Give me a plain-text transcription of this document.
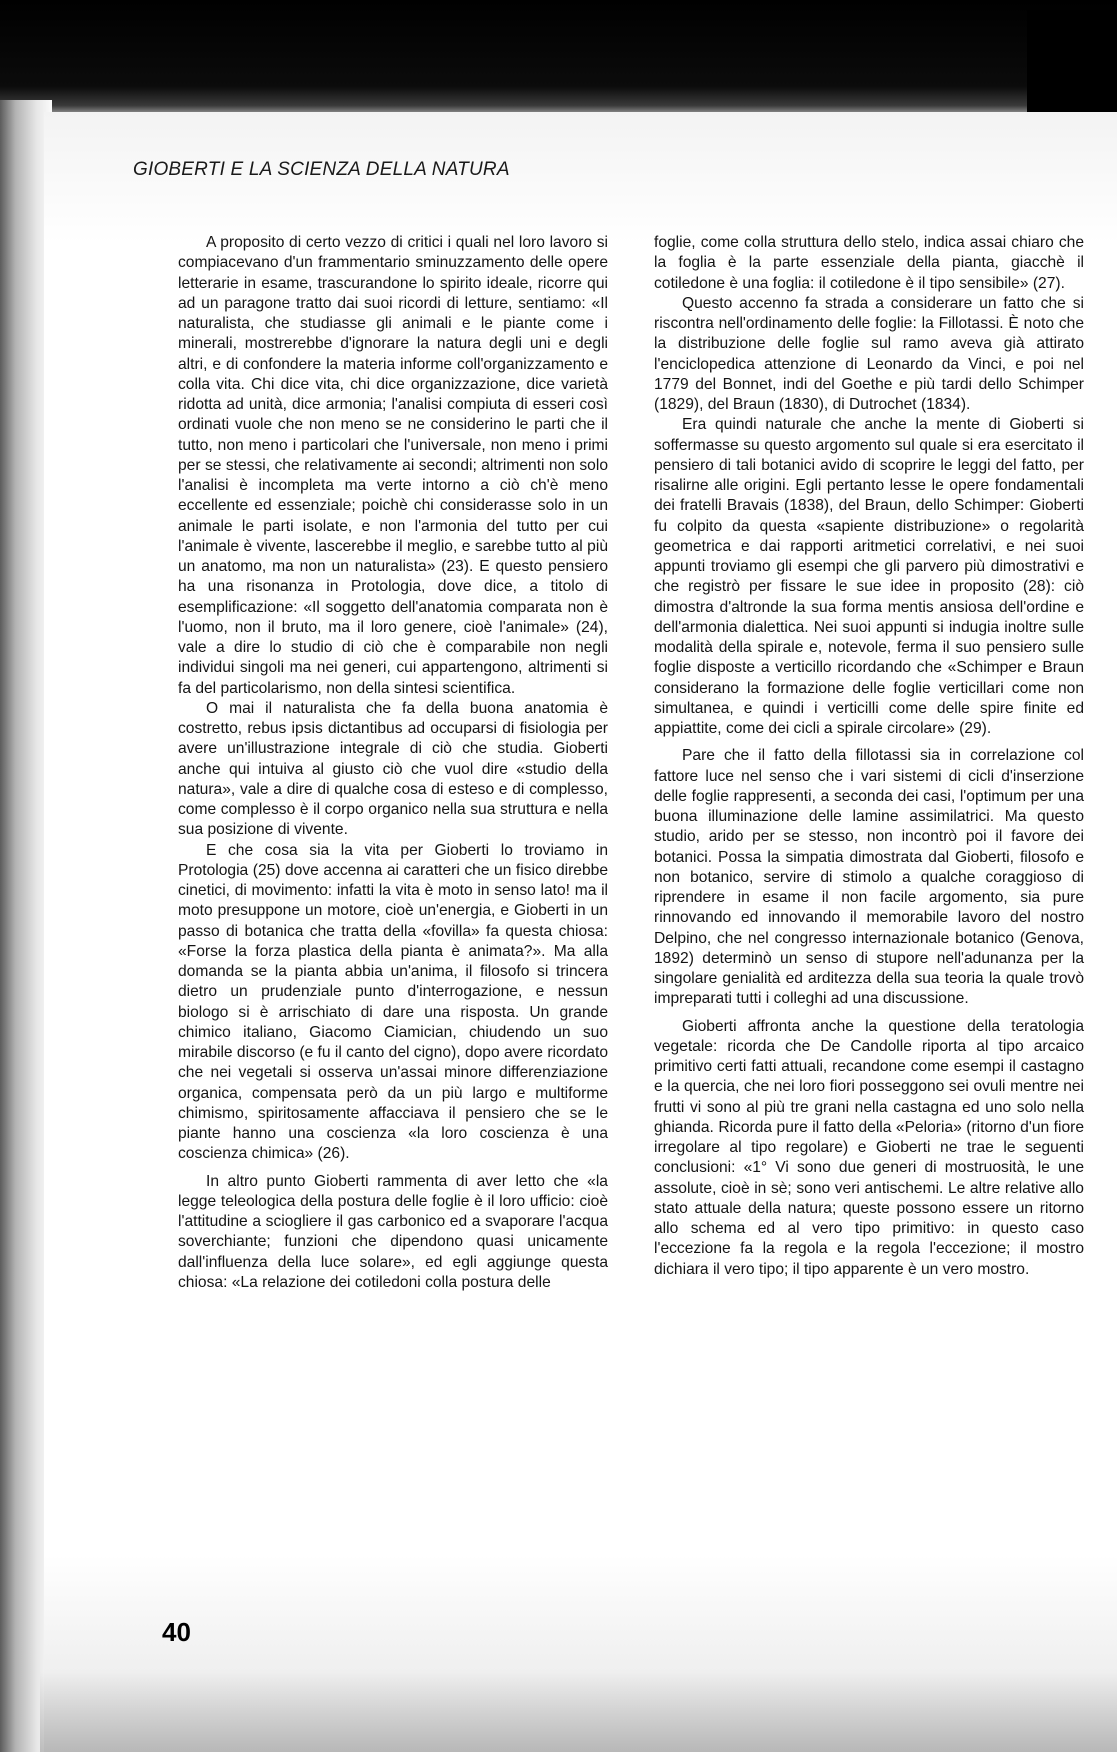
GIOBERTI E LA SCIENZA DELLA NATURA

A proposito di certo vezzo di critici i quali nel loro lavoro si compiacevano d'un frammentario sminuzzamento delle opere letterarie in esame, trascurandone lo spirito ideale, ricorre qui ad un paragone tratto dai suoi ricordi di letture, sentiamo: «Il naturalista, che studiasse gli animali e le piante come i minerali, mostrerebbe d'ignorare la natura degli uni e degli altri, e di confondere la materia informe coll'organizzamento e colla vita. Chi dice vita, chi dice organizzazione, dice varietà ridotta ad unità, dice armonia; l'analisi compiuta di esseri così ordinati vuole che non meno se ne considerino le parti che il tutto, non meno i particolari che l'universale, non meno i primi per se stessi, che relativamente ai secondi; altrimenti non solo l'analisi è incompleta ma verte intorno a ciò ch'è meno eccellente ed essenziale; poichè chi considerasse solo in un animale le parti isolate, e non l'armonia del tutto per cui l'animale è vivente, lascerebbe il meglio, e sarebbe tutto al più un anatomo, ma non un naturalista» (23). E questo pensiero ha una risonanza in Protologia, dove dice, a titolo di esemplificazione: «Il soggetto dell'anatomia comparata non è l'uomo, non il bruto, ma il loro genere, cioè l'animale» (24), vale a dire lo studio di ciò che è comparabile non negli individui singoli ma nei generi, cui appartengono, altrimenti si fa del particolarismo, non della sintesi scientifica.

O mai il naturalista che fa della buona anatomia è costretto, rebus ipsis dictantibus ad occuparsi di fisiologia per avere un'illustrazione integrale di ciò che studia. Gioberti anche qui intuiva al giusto ciò che vuol dire «studio della natura», vale a dire di qualche cosa di esteso e di complesso, come complesso è il corpo organico nella sua struttura e nella sua posizione di vivente.

E che cosa sia la vita per Gioberti lo troviamo in Protologia (25) dove accenna ai caratteri che un fisico direbbe cinetici, di movimento: infatti la vita è moto in senso lato! ma il moto presuppone un motore, cioè un'energia, e Gioberti in un passo di botanica che tratta della «fovilla» fa questa chiosa: «Forse la forza plastica della pianta è animata?». Ma alla domanda se la pianta abbia un'anima, il filosofo si trincera dietro un prudenziale punto d'interrogazione, e nessun biologo si è arrischiato di dare una risposta. Un grande chimico italiano, Giacomo Ciamician, chiudendo un suo mirabile discorso (e fu il canto del cigno), dopo avere ricordato che nei vegetali si osserva un'assai minore differenziazione organica, compensata però da un più largo e multiforme chimismo, spiritosamente affacciava il pensiero che se le piante hanno una coscienza «la loro coscienza è una coscienza chimica» (26).

In altro punto Gioberti rammenta di aver letto che «la legge teleologica della postura delle foglie è il loro ufficio: cioè l'attitudine a sciogliere il gas carbonico ed a svaporare l'acqua soverchiante; funzioni che dipendono quasi unicamente dall'influenza della luce solare», ed egli aggiunge questa chiosa: «La relazione dei cotiledoni colla postura delle

foglie, come colla struttura dello stelo, indica assai chiaro che la foglia è la parte essenziale della pianta, giacchè il cotiledone è una foglia: il cotiledone è il tipo sensibile» (27).

Questo accenno fa strada a considerare un fatto che si riscontra nell'ordinamento delle foglie: la Fillotassi. È noto che la distribuzione delle foglie sul ramo aveva già attirato l'enciclopedica attenzione di Leonardo da Vinci, e poi nel 1779 del Bonnet, indi del Goethe e più tardi dello Schimper (1829), del Braun (1830), di Dutrochet (1834).

Era quindi naturale che anche la mente di Gioberti si soffermasse su questo argomento sul quale si era esercitato il pensiero di tali botanici avido di scoprire le leggi del fatto, per risalirne alle origini. Egli pertanto lesse le opere fondamentali dei fratelli Bravais (1838), del Braun, dello Schimper: Gioberti fu colpito da questa «sapiente distribuzione» o regolarità geometrica e dai rapporti aritmetici correlativi, e nei suoi appunti troviamo gli esempi che gli parvero più dimostrativi e che registrò per fissare le sue idee in proposito (28): ciò dimostra d'altronde la sua forma mentis ansiosa dell'ordine e dell'armonia dialettica. Nei suoi appunti si indugia inoltre sulle modalità della spirale e, notevole, ferma il suo pensiero sulle foglie disposte a verticillo ricordando che «Schimper e Braun considerano la formazione delle foglie verticillari come non simultanea, e quindi i verticilli come delle spire finite ed appiattite, come dei cicli a spirale circolare» (29).

Pare che il fatto della fillotassi sia in correlazione col fattore luce nel senso che i vari sistemi di cicli d'inserzione delle foglie rappresenti, a seconda dei casi, l'optimum per una buona illuminazione delle lamine assimilatrici. Ma questo studio, arido per se stesso, non incontrò poi il favore dei botanici. Possa la simpatia dimostrata dal Gioberti, filosofo e non botanico, servire di stimolo a qualche coraggioso di riprendere in esame il non facile argomento, sia pure rinnovando ed innovando il memorabile lavoro del nostro Delpino, che nel congresso internazionale botanico (Genova, 1892) determinò un senso di stupore nell'adunanza per la singolare genialità ed arditezza della sua teoria la quale trovò impreparati tutti i colleghi ad una discussione.

Gioberti affronta anche la questione della teratologia vegetale: ricorda che De Candolle riporta al tipo arcaico primitivo certi fatti attuali, recandone come esempi il castagno e la quercia, che nei loro fiori posseggono sei ovuli mentre nei frutti vi sono al più tre grani nella castagna ed uno solo nella ghianda. Ricorda pure il fatto della «Peloria» (ritorno d'un fiore irregolare al tipo regolare) e Gioberti ne trae le seguenti conclusioni: «1° Vi sono due generi di mostruosità, le une assolute, cioè in sè; sono veri antischemi. Le altre relative allo stato attuale della natura; queste possono essere un ritorno allo schema ed al vero tipo primitivo: in questo caso l'eccezione fa la regola e la regola l'eccezione; il mostro dichiara il vero tipo; il tipo apparente è un vero mostro.

40
